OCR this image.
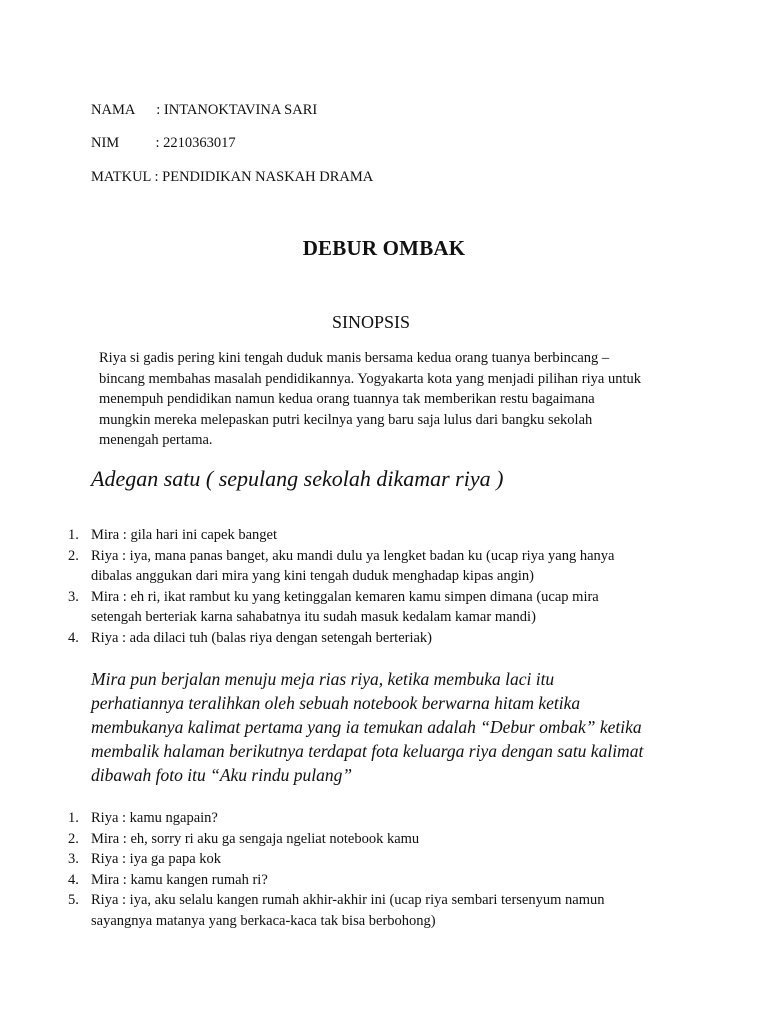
NAMA      : INTANOKTAVINA SARI
NIM          : 2210363017
MATKUL : PENDIDIKAN NASKAH DRAMA
DEBUR OMBAK
SINOPSIS

Riya si gadis pering kini tengah duduk manis bersama kedua orang tuanya berbincang – bincang membahas masalah pendidikannya. Yogyakarta kota yang menjadi pilihan riya untuk menempuh pendidikan namun kedua orang tuannya tak memberikan restu bagaimana mungkin mereka melepaskan putri kecilnya yang baru saja lulus dari bangku sekolah menengah pertama.

Adegan satu ( sepulang sekolah dikamar riya )

1. Mira : gila hari ini capek banget
2. Riya : iya, mana panas banget, aku mandi dulu ya lengket badan ku (ucap riya yang hanya dibalas anggukan dari mira yang kini tengah duduk menghadap kipas angin)
3. Mira : eh ri, ikat rambut ku yang ketinggalan kemaren kamu simpen dimana (ucap mira setengah berteriak karna sahabatnya itu sudah masuk kedalam kamar mandi)
4. Riya : ada dilaci tuh (balas riya dengan setengah berteriak)

Mira pun berjalan menuju meja rias riya, ketika membuka laci itu perhatiannya teralihkan oleh sebuah notebook berwarna hitam ketika membukanya kalimat pertama yang ia temukan adalah “Debur ombak” ketika membalik halaman berikutnya terdapat fota keluarga riya dengan satu kalimat dibawah foto itu “Aku rindu pulang”

1. Riya : kamu ngapain?
2. Mira : eh, sorry ri aku ga sengaja ngeliat notebook kamu
3. Riya : iya ga papa kok
4. Mira : kamu kangen rumah ri?
5. Riya : iya, aku selalu kangen rumah akhir-akhir ini (ucap riya sembari tersenyum namun sayangnya matanya yang berkaca-kaca tak bisa berbohong)
